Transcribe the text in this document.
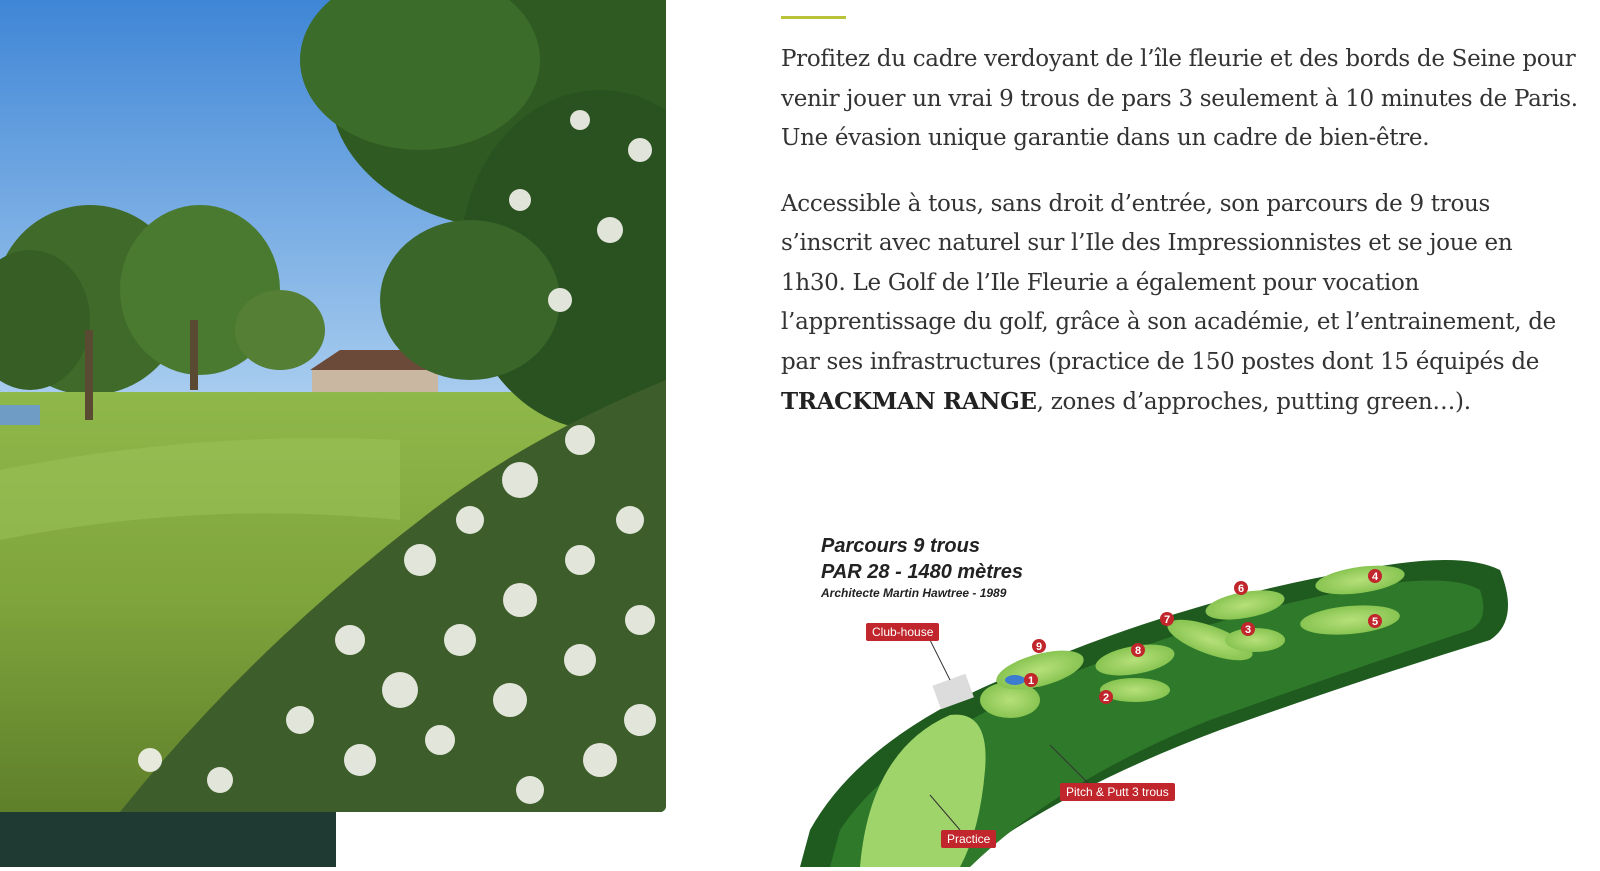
Profitez du cadre verdoyant de l’île fleurie et des bords de Seine pour venir jouer un vrai 9 trous de pars 3 seulement à 10 minutes de Paris. Une évasion unique garantie dans un cadre de bien-être.

Accessible à tous, sans droit d’entrée, son parcours de 9 trous s’inscrit avec naturel sur l’Ile des Impressionnistes et se joue en 1h30. Le Golf de l’Ile Fleurie a également pour vocation l’apprentissage du golf, grâce à son académie, et l’entrainement, de par ses infrastructures (practice de 150 postes dont 15 équipés de TRACKMAN RANGE, zones d’approches, putting green…).

1
2
3
4
5
6
7
8
9
Parcours 9 trous
PAR 28 - 1480 mètres
Architecte Martin Hawtree - 1989
Club-house
Pitch & Putt 3 trous
Practice
